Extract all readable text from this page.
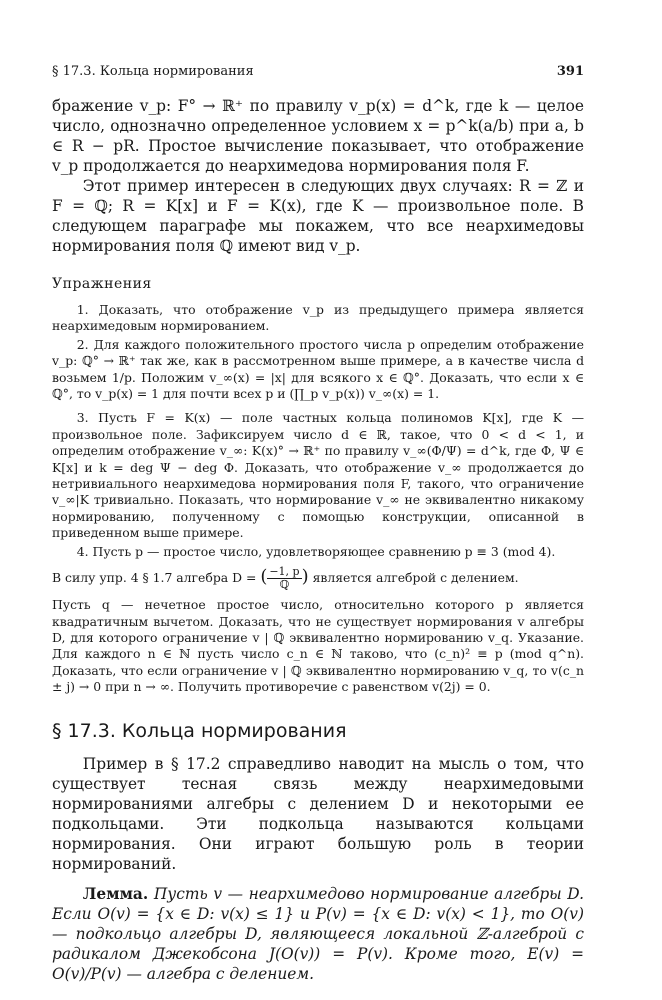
§ 17.3. Кольца нормирования	391

бражение v_p: F° → ℝ⁺ по правилу v_p(x) = d^k, где k — целое число, однозначно определенное условием x = p^k(a/b) при a, b ∈ R − pR. Простое вычисление показывает, что отображение v_p продолжается до неархимедова нормирования поля F.

Этот пример интересен в следующих двух случаях: R = ℤ и F = ℚ; R = K[x] и F = K(x), где K — произвольное поле. В следующем параграфе мы покажем, что все неархимедовы нормирования поля ℚ имеют вид v_p.

Упражнения

1. Доказать, что отображение v_p из предыдущего примера является неархимедовым нормированием.

2. Для каждого положительного простого числа p определим отображение v_p: ℚ° → ℝ⁺ так же, как в рассмотренном выше примере, а в качестве числа d возьмем 1/p. Положим v_∞(x) = |x| для всякого x ∈ ℚ°. Доказать, что если x ∈ ℚ°, то v_p(x) = 1 для почти всех p и (∏_p v_p(x)) v_∞(x) = 1.

3. Пусть F = K(x) — поле частных кольца полиномов K[x], где K — произвольное поле. Зафиксируем число d ∈ ℝ, такое, что 0 < d < 1, и определим отображение v_∞: K(x)° → ℝ⁺ по правилу v_∞(Φ/Ψ) = d^k, где Φ, Ψ ∈ K[x] и k = deg Ψ − deg Φ. Доказать, что отображение v_∞ продолжается до нетривиального неархимедова нормирования поля F, такого, что ограничение v_∞|K тривиально. Показать, что нормирование v_∞ не эквивалентно никакому нормированию, полученному с помощью конструкции, описанной в приведенном выше примере.

4. Пусть p — простое число, удовлетворяющее сравнению p ≡ 3 (mod 4).

В силу упр. 4 § 1.7 алгебра D = ( $\frac{-1, p}{\text{ℚ}}$ ) является алгеброй с делением.

Пусть q — нечетное простое число, относительно которого p является квадратичным вычетом. Доказать, что не существует нормирования v алгебры D, для которого ограничение v | ℚ эквивалентно нормированию v_q. Указание. Для каждого n ∈ ℕ пусть число c_n ∈ ℕ таково, что (c_n)² ≡ p (mod q^n). Доказать, что если ограничение v | ℚ эквивалентно нормированию v_q, то v(c_n ± j) → 0 при n → ∞. Получить противоречие с равенством v(2j) = 0.

§ 17.3. Кольца нормирования

Пример в § 17.2 справедливо наводит на мысль о том, что существует тесная связь между неархимедовыми нормированиями алгебры с делением D и некоторыми ее подкольцами. Эти подкольца называются кольцами нормирования. Они играют большую роль в теории нормирований.

Лемма. Пусть v — неархимедово нормирование алгебры D. Если O(v) = {x ∈ D: v(x) ≤ 1} и P(v) = {x ∈ D: v(x) < 1}, то O(v) — подкольцо алгебры D, являющееся локальной ℤ-алгеброй с радикалом Джекобсона J(O(v)) = P(v). Кроме того, E(v) = O(v)/P(v) — алгебра с делением.
